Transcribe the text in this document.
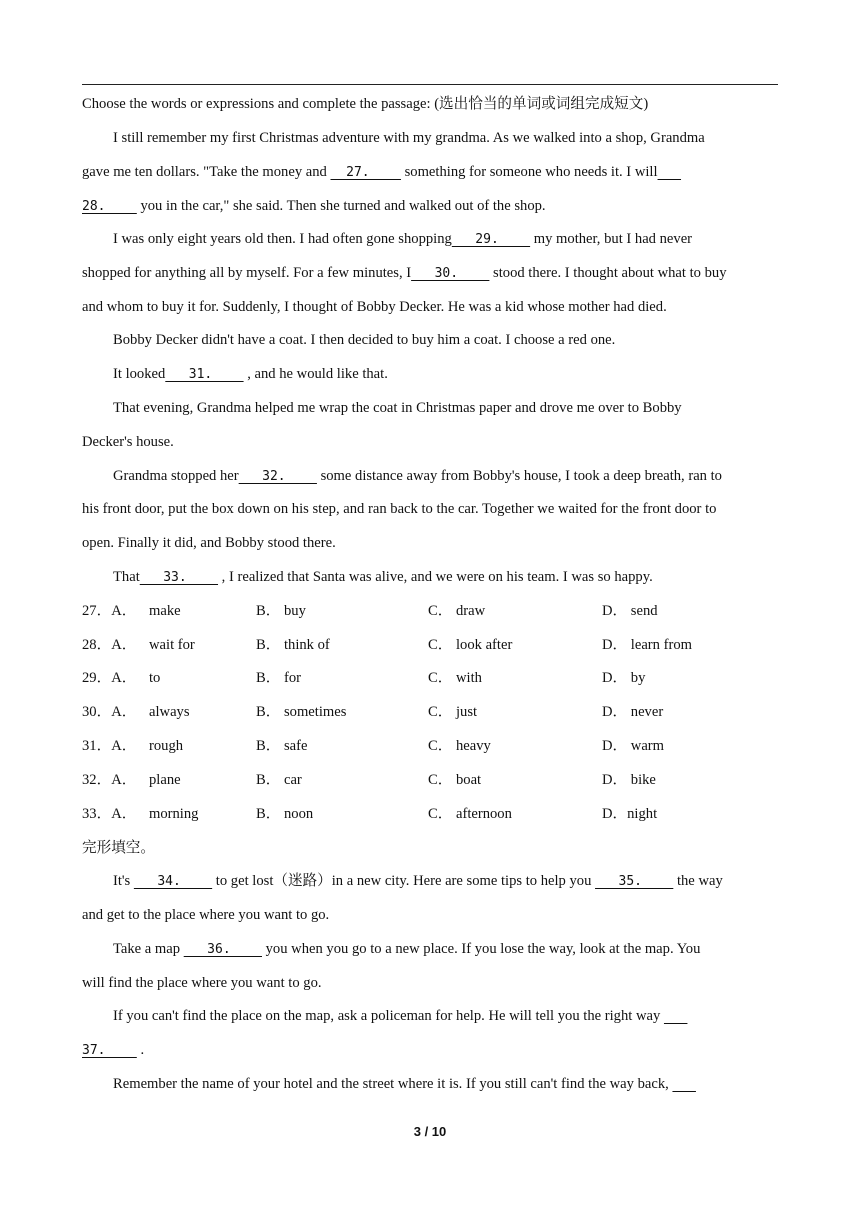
Choose the words or expressions and complete the passage: (选出恰当的单词或词组完成短文)
I still remember my first Christmas adventure with my grandma. As we walked into a shop, Grandma
gave me ten dollars. "Take the money and   27.     something for someone who needs it. I will
28.     you in the car," she said. Then she turned and walked out of the shop.
I was only eight years old then. I had often gone shopping   29.     my mother, but I had never
shopped for anything all by myself. For a few minutes, I   30.     stood there. I thought about what to buy
and whom to buy it for. Suddenly, I thought of Bobby Decker. He was a kid whose mother had died.
Bobby Decker didn't have a coat. I then decided to buy him a coat. I choose a red one.
It looked   31.     , and he would like that.
That evening, Grandma helped me wrap the coat in Christmas paper and drove me over to Bobby
Decker's house.
Grandma stopped her   32.     some distance away from Bobby's house, I took a deep breath, ran to
his front door, put the box down on his step, and ran back to the car. Together we waited for the front door to
open. Finally it did, and Bobby stood there.
That   33.     , I realized that Santa was alive, and we were on his team. I was so happy.
27．A． make	B． buy	C． draw	D． send
28．A． wait for	B． think of	C． look after	D． learn from
29．A． to	B． for	C． with	D． by
30．A． always	B． sometimes	C． just	D． never
31．A． rough	B． safe	C． heavy	D． warm
32．A． plane	B． car	C． boat	D． bike
33．A． morning	B． noon	C． afternoon	D．night
完形填空。
It's    34.     to get lost（迷路）in a new city. Here are some tips to help you    35.     the way
and get to the place where you want to go.
Take a map    36.     you when you go to a new place. If you lose the way, look at the map. You
will find the place where you want to go.
If you can't find the place on the map, ask a policeman for help. He will tell you the right way
37.     .
Remember the name of your hotel and the street where it is. If you still can't find the way back,
3 / 10
